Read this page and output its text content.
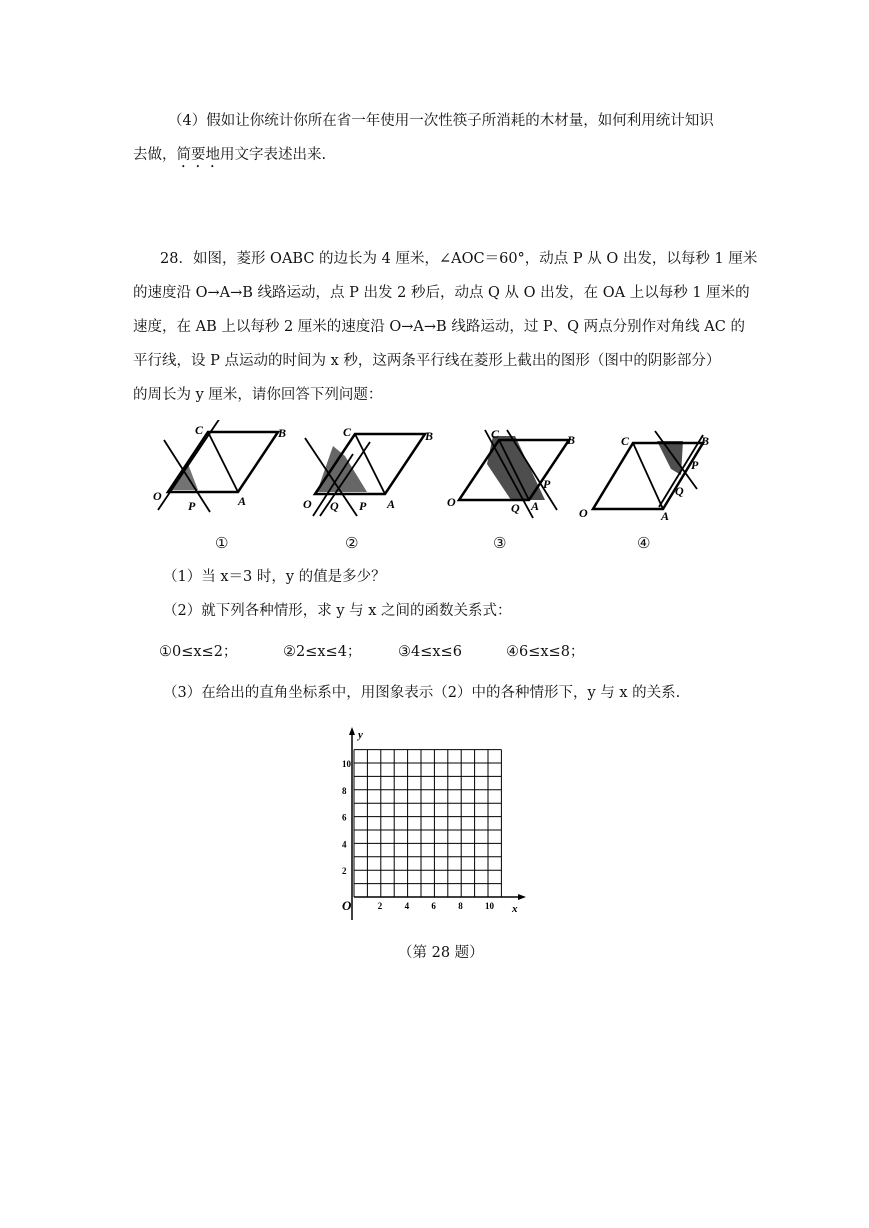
（4）假如让你统计你所在省一年使用一次性筷子所消耗的木材量，如何利用统计知识
去做，简要地用文字表述出来.
28．如图，菱形 OABC 的边长为 4 厘米，∠AOC＝60°，动点 P 从 O 出发，以每秒 1 厘米
的速度沿 O→A→B 线路运动，点 P 出发 2 秒后，动点 Q 从 O 出发，在 OA 上以每秒 1 厘米的
速度，在 AB 上以每秒 2 厘米的速度沿 O→A→B 线路运动，过 P、Q 两点分别作对角线 AC 的
平行线，设 P 点运动的时间为 x 秒，这两条平行线在菱形上截出的图形（图中的阴影部分）
的周长为 y 厘米，请你回答下列问题：
O	A
B
C
P	O	A
B
C
Q P	O	A
B
C
P
Q	O	A
B
C
P
Q
①	②	③	④
（1）当 x＝3 时，y 的值是多少？
（2）就下列各种情形，求 y 与 x 之间的函数关系式：
①0≤x≤2；	②2≤x≤4；	③4≤x≤6	④6≤x≤8；
（3）在给出的直角坐标系中，用图象表示（2）中的各种情形下，y 与 x 的关系.
y
x
O
2
4
6
8
10
2 4 6 8 10
（第 28 题）
